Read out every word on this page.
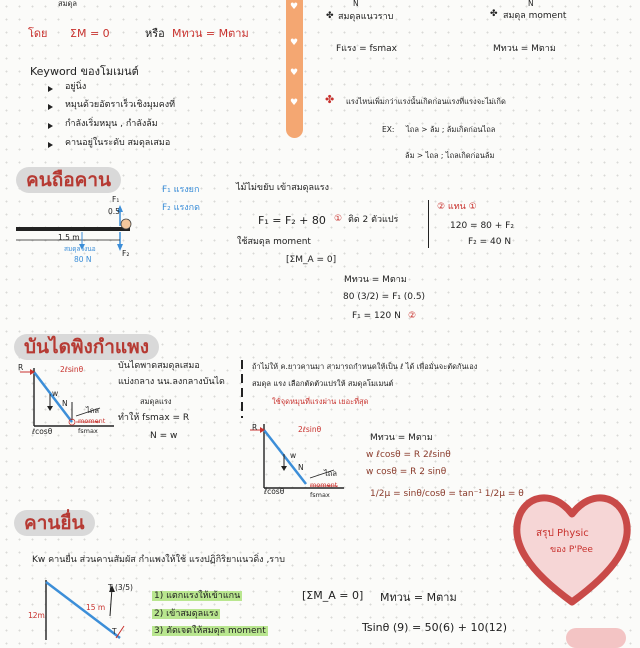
สมดุล
โดย ΣM = 0	หรือ Mทวน = Mตาม
Keyword ของโมเมนต์
อยู่นิ่ง
หมุนด้วยอัตราเร็วเชิงมุมคงที่
กำลังเริ่มหมุน , กำลังล้ม
คานอยู่ในระดับ สมดุลเสมอ
♥
♥
♥
♥
N	N
✤ สมดุลแนวราบ	✤ สมดุล moment
Fแรง = fsmax	Mทวน = Mตาม
✤ แรงไหนเพิ่มกว่าแรงนั้นเกิดก่อนแรงที่แรงจะไม่เกิด
EX: ไถล > ล้ม ; ล้มเกิดก่อนไถล
ล้ม > ไถล ; ไถลเกิดก่อนล้ม
คนถือคาน	F₁ แรงยก
F₂ แรงกด
F₁
0.5
F₂
1.5 m
สมดุลวงนอ
80 N
ไม้ไม่ขยับ เข้าสมดุลแรง
F₁ = F₂ + 80 ① ติด 2 ตัวแปร
② แทน ①
120 = 80 + F₂
F₂ = 40 N
ใช้สมดุล moment
[ΣM_A = 0]
Mทวน = Mตาม
80 (3/2) = F₁ (0.5)
F₁ = 120 N ②
บันไดพิงกำแพง
R	2ℓsinθ
w
N
ไถล
moment
fsmax
ℓcosθ
บันไดพาดสมดุลเสมอ
แบ่งกลาง นน.ลงกลางบันได
สมดุลแรง
ทำให้ fsmax = R
N = w
ถ้าไม่ให้ ค.ยาวคานมา สามารถกำหนดให้เป็น ℓ ได้ เพื่อมั่นจะตัดกันเอง
สมดุล แรง เลือกตัดตัวแปรให้ สมดุลโมเมนต์
ใช้จุดหมุนที่แรงผ่าน เยอะที่สุด
R	2ℓsinθ
w
N
ไถล
moment
fsmax
ℓcosθ
Mทวน = Mตาม
w ℓcosθ = R 2ℓsinθ
w cosθ = R 2 sinθ
1/2μ = sinθ/cosθ = tan⁻¹ 1/2μ = θ
คานยื่น
Kw คานยื่น ส่วนคานสัมผัส กำแพงให้ใช้ แรงปฏิกิริยาแนวดิ่ง ,ราบ
T (3/5)
15 m
12m
T
1) แตกแรงให้เข้าแกน
2) เข้าสมดุลแรง
3) ตัดเจตให้สมดุล moment
[ΣM_A = 0] Mทวน = Mตาม
Tsinθ (9) = 50(6) + 10(12)
สรุป Physic
ของ P'Pee
